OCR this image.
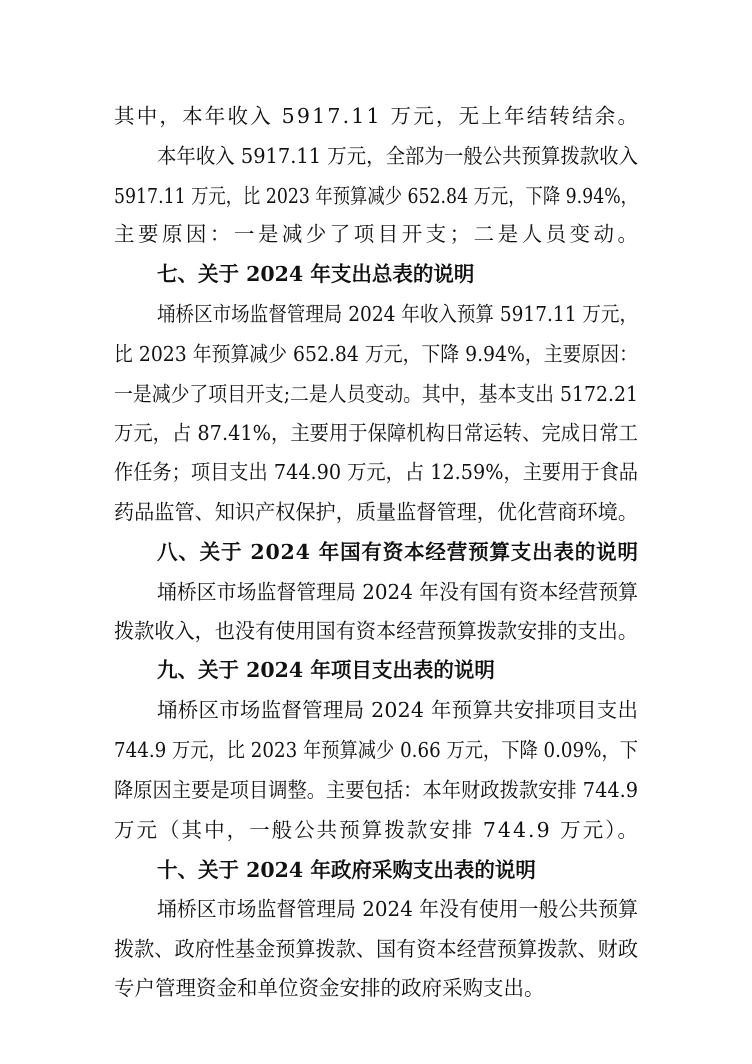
其中，本年收入 5917.11 万元，无上年结转结余。
本年收入 5917.11 万元，全部为一般公共预算拨款收入
5917.11 万元，比 2023 年预算减少 652.84 万元，下降 9.94%，
主要原因：一是减少了项目开支；二是人员变动。
七、关于 2024 年支出总表的说明
埇桥区市场监督管理局 2024 年收入预算 5917.11 万元，
比 2023 年预算减少 652.84 万元，下降 9.94%，主要原因：
一是减少了项目开支;二是人员变动。其中，基本支出 5172.21
万元，占 87.41%，主要用于保障机构日常运转、完成日常工
作任务；项目支出 744.90 万元，占 12.59%，主要用于食品
药品监管、知识产权保护，质量监督管理，优化营商环境。
八、关于 2024 年国有资本经营预算支出表的说明
埇桥区市场监督管理局 2024 年没有国有资本经营预算
拨款收入，也没有使用国有资本经营预算拨款安排的支出。
九、关于 2024 年项目支出表的说明
埇桥区市场监督管理局 2024 年预算共安排项目支出
744.9 万元，比 2023 年预算减少 0.66 万元，下降 0.09%，下
降原因主要是项目调整。主要包括：本年财政拨款安排 744.9
万元（其中，一般公共预算拨款安排 744.9 万元）。
十、关于 2024 年政府采购支出表的说明
埇桥区市场监督管理局 2024 年没有使用一般公共预算
拨款、政府性基金预算拨款、国有资本经营预算拨款、财政
专户管理资金和单位资金安排的政府采购支出。
